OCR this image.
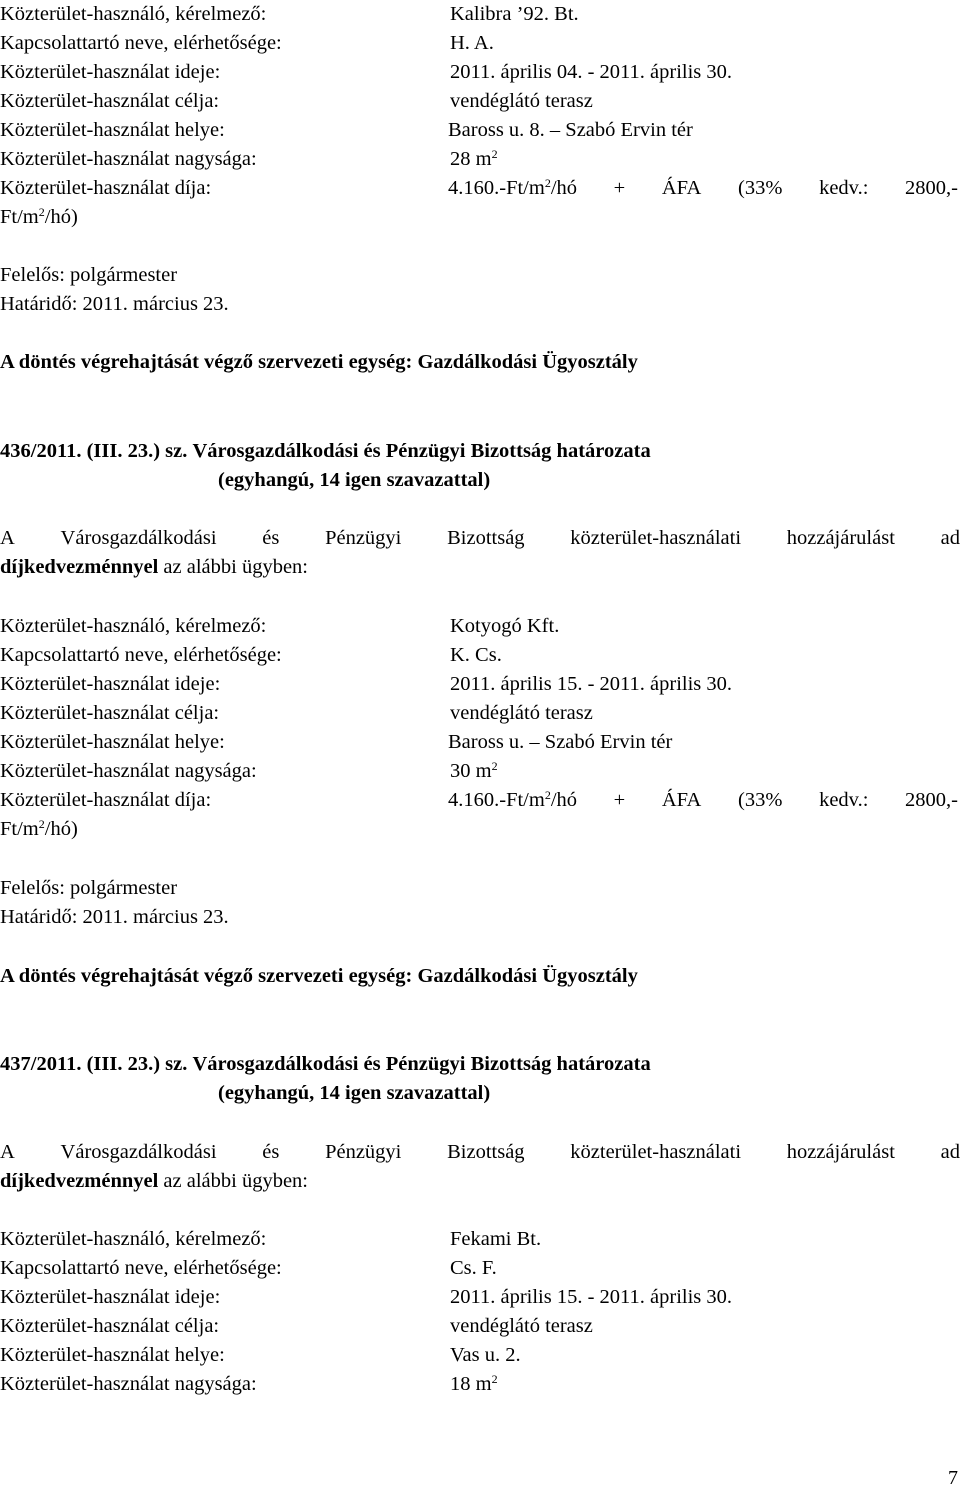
Közterület-használó, kérelmező:	Kalibra ’92. Bt.
Kapcsolattartó neve, elérhetősége:	H. A.
Közterület-használat ideje:	2011. április 04. - 2011. április 30.
Közterület-használat célja:	vendéglátó terasz
Közterület-használat helye:	Baross u. 8. – Szabó Ervin tér
Közterület-használat nagysága:	28 $m^2$
Közterület-használat díja:	$4.160.-Ft/m^2/hó$ + ÁFA (33% kedv.: 2800,-
$Ft/m^2/hó$)
Felelős: polgármester
Határidő: 2011. március 23.
A döntés végrehajtását végző szervezeti egység: Gazdálkodási Ügyosztály
436/2011. (III. 23.) sz. Városgazdálkodási és Pénzügyi Bizottság határozata
(egyhangú, 14 igen szavazattal)
A Városgazdálkodási és Pénzügyi Bizottság közterület-használati hozzájárulást ad
díjkedvezménnyel az alábbi ügyben:
Közterület-használó, kérelmező:	Kotyogó Kft.
Kapcsolattartó neve, elérhetősége:	K. Cs.
Közterület-használat ideje:	2011. április 15. - 2011. április 30.
Közterület-használat célja:	vendéglátó terasz
Közterület-használat helye:	Baross u. – Szabó Ervin tér
Közterület-használat nagysága:	30 $m^2$
Közterület-használat díja:	$4.160.-Ft/m^2/hó$ + ÁFA (33% kedv.: 2800,-
$Ft/m^2/hó$)
Felelős: polgármester
Határidő: 2011. március 23.
A döntés végrehajtását végző szervezeti egység: Gazdálkodási Ügyosztály
437/2011. (III. 23.) sz. Városgazdálkodási és Pénzügyi Bizottság határozata
(egyhangú, 14 igen szavazattal)
A Városgazdálkodási és Pénzügyi Bizottság közterület-használati hozzájárulást ad
díjkedvezménnyel az alábbi ügyben:
Közterület-használó, kérelmező:	Fekami Bt.
Kapcsolattartó neve, elérhetősége:	Cs. F.
Közterület-használat ideje:	2011. április 15. - 2011. április 30.
Közterület-használat célja:	vendéglátó terasz
Közterület-használat helye:	Vas u. 2.
Közterület-használat nagysága:	18 $m^2$
7
